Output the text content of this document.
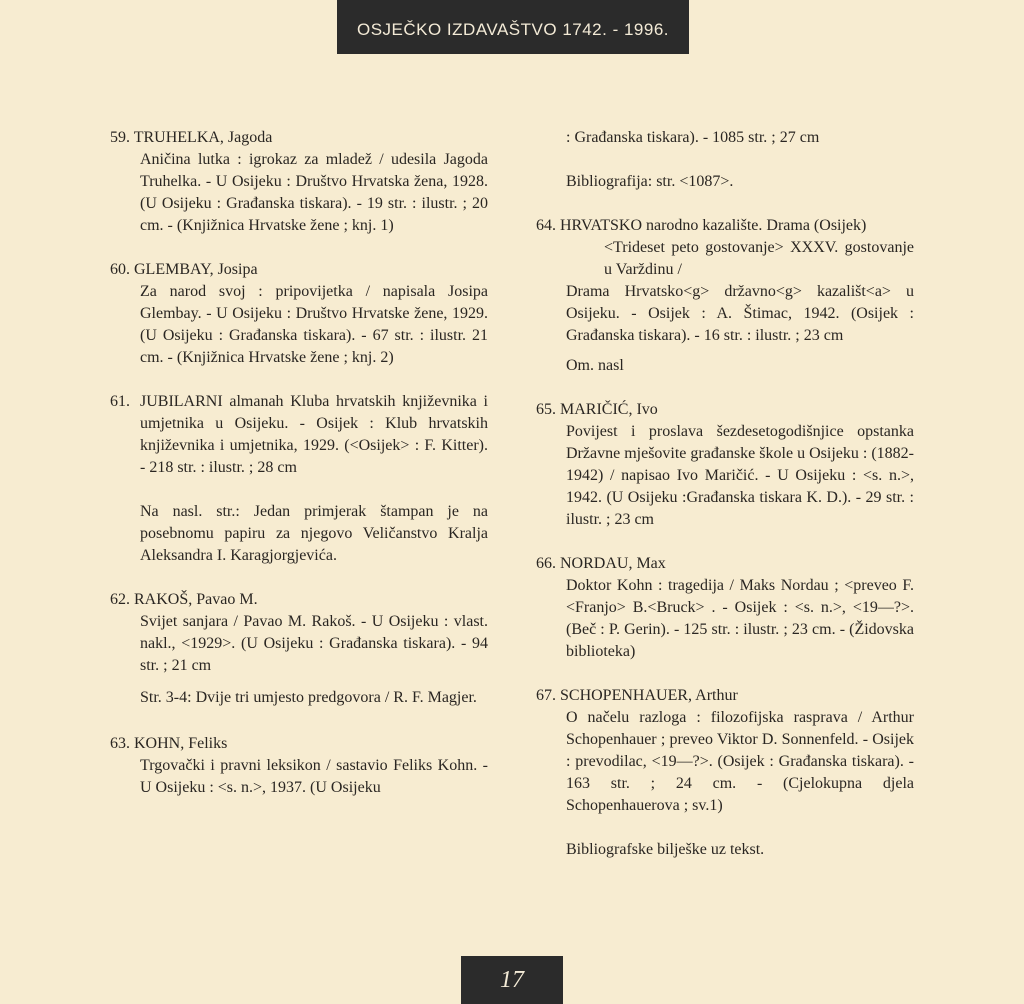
OSJEČKO IZDAVAŠTVO 1742. - 1996.
59. TRUHELKA, Jagoda
Aničina lutka : igrokaz za mladež / udesila Jagoda Truhelka. - U Osijeku : Društvo Hrvatska žena, 1928. (U Osijeku : Građanska tiskara). - 19 str. : ilustr. ; 20 cm. - (Knjižnica Hrvatske žene ; knj. 1)
60. GLEMBAY, Josipa
Za narod svoj : pripovijetka / napisala Josipa Glembay. - U Osijeku : Društvo Hrvatske žene, 1929. (U Osijeku : Građanska tiskara). - 67 str. : ilustr. 21 cm. - (Knjižnica Hrvatske žene ; knj. 2)
61. JUBILARNI almanah Kluba hrvatskih književnika i umjetnika u Osijeku. - Osijek : Klub hrvatskih književnika i umjetnika, 1929. (<Osijek> : F. Kitter). - 218 str. : ilustr. ; 28 cm
Na nasl. str.: Jedan primjerak štampan je na posebnomu papiru za njegovo Veličanstvo Kralja Aleksandra I. Karagjorgjevića.
62. RAKOŠ, Pavao M.
Svijet sanjara / Pavao M. Rakoš. - U Osijeku : vlast. nakl., <1929>. (U Osijeku : Građanska tiskara). - 94 str. ; 21 cm
Str. 3-4: Dvije tri umjesto predgovora / R. F. Magjer.
63. KOHN, Feliks
Trgovački i pravni leksikon / sastavio Feliks Kohn. - U Osijeku : <s. n.>, 1937. (U Osijeku
: Građanska tiskara). - 1085 str. ; 27 cm
Bibliografija: str. <1087>.
64. HRVATSKO narodno kazalište. Drama (Osijek)
<Trideset peto gostovanje> XXXV. gostovanje u Varždinu /
Drama Hrvatsko<g> državno<g> kazališt<a> u Osijeku. - Osijek : A. Štimac, 1942. (Osijek : Građanska tiskara). - 16 str. : ilustr. ; 23 cm
Om. nasl
65. MARIČIĆ, Ivo
Povijest i proslava šezdesetogodišnjice opstanka Državne mješovite građanske škole u Osijeku : (1882-1942) / napisao Ivo Maričić. - U Osijeku : <s. n.>, 1942. (U Osijeku :Građanska tiskara K. D.). - 29 str. : ilustr. ; 23 cm
66. NORDAU, Max
Doktor Kohn : tragedija / Maks Nordau ; <preveo F.<Franjo> B.<Bruck> . - Osijek : <s. n.>, <19—?>. (Beč : P. Gerin). - 125 str. : ilustr. ; 23 cm. - (Židovska biblioteka)
67. SCHOPENHAUER, Arthur
O načelu razloga : filozofijska rasprava / Arthur Schopenhauer ; preveo Viktor D. Sonnenfeld. - Osijek : prevodilac, <19—?>. (Osijek : Građanska tiskara). - 163 str. ; 24 cm. - (Cjelokupna djela Schopenhauerova ; sv.1)
Bibliografske bilješke uz tekst.
17
